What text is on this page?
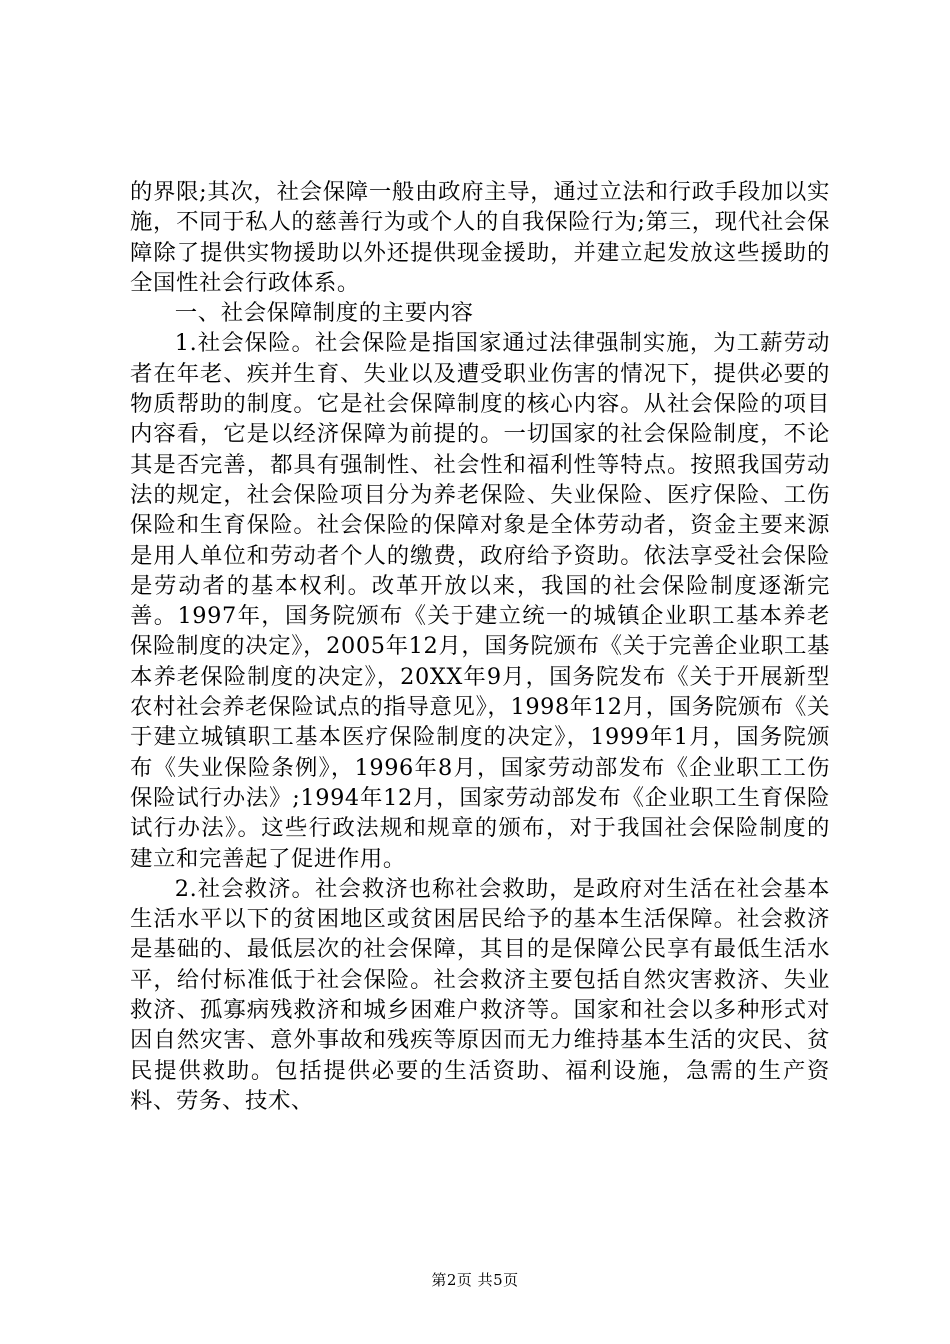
的界限;其次，社会保障一般由政府主导，通过立法和行政手段加以实施，不同于私人的慈善行为或个人的自我保险行为;第三，现代社会保障除了提供实物援助以外还提供现金援助，并建立起发放这些援助的全国性社会行政体系。

一、社会保障制度的主要内容

1.社会保险。社会保险是指国家通过法律强制实施，为工薪劳动者在年老、疾并生育、失业以及遭受职业伤害的情况下，提供必要的物质帮助的制度。它是社会保障制度的核心内容。从社会保险的项目内容看，它是以经济保障为前提的。一切国家的社会保险制度，不论其是否完善，都具有强制性、社会性和福利性等特点。按照我国劳动法的规定，社会保险项目分为养老保险、失业保险、医疗保险、工伤保险和生育保险。社会保险的保障对象是全体劳动者，资金主要来源是用人单位和劳动者个人的缴费，政府给予资助。依法享受社会保险是劳动者的基本权利。改革开放以来，我国的社会保险制度逐渐完善。1997年，国务院颁布《关于建立统一的城镇企业职工基本养老保险制度的决定》，2005年12月，国务院颁布《关于完善企业职工基本养老保险制度的决定》，20XX年9月，国务院发布《关于开展新型农村社会养老保险试点的指导意见》，1998年12月，国务院颁布《关于建立城镇职工基本医疗保险制度的决定》，1999年1月，国务院颁布《失业保险条例》，1996年8月，国家劳动部发布《企业职工工伤保险试行办法》;1994年12月，国家劳动部发布《企业职工生育保险试行办法》。这些行政法规和规章的颁布，对于我国社会保险制度的建立和完善起了促进作用。

2.社会救济。社会救济也称社会救助，是政府对生活在社会基本生活水平以下的贫困地区或贫困居民给予的基本生活保障。社会救济是基础的、最低层次的社会保障，其目的是保障公民享有最低生活水平，给付标准低于社会保险。社会救济主要包括自然灾害救济、失业救济、孤寡病残救济和城乡困难户救济等。国家和社会以多种形式对因自然灾害、意外事故和残疾等原因而无力维持基本生活的灾民、贫民提供救助。包括提供必要的生活资助、福利设施，急需的生产资料、劳务、技术、

第2页 共5页
